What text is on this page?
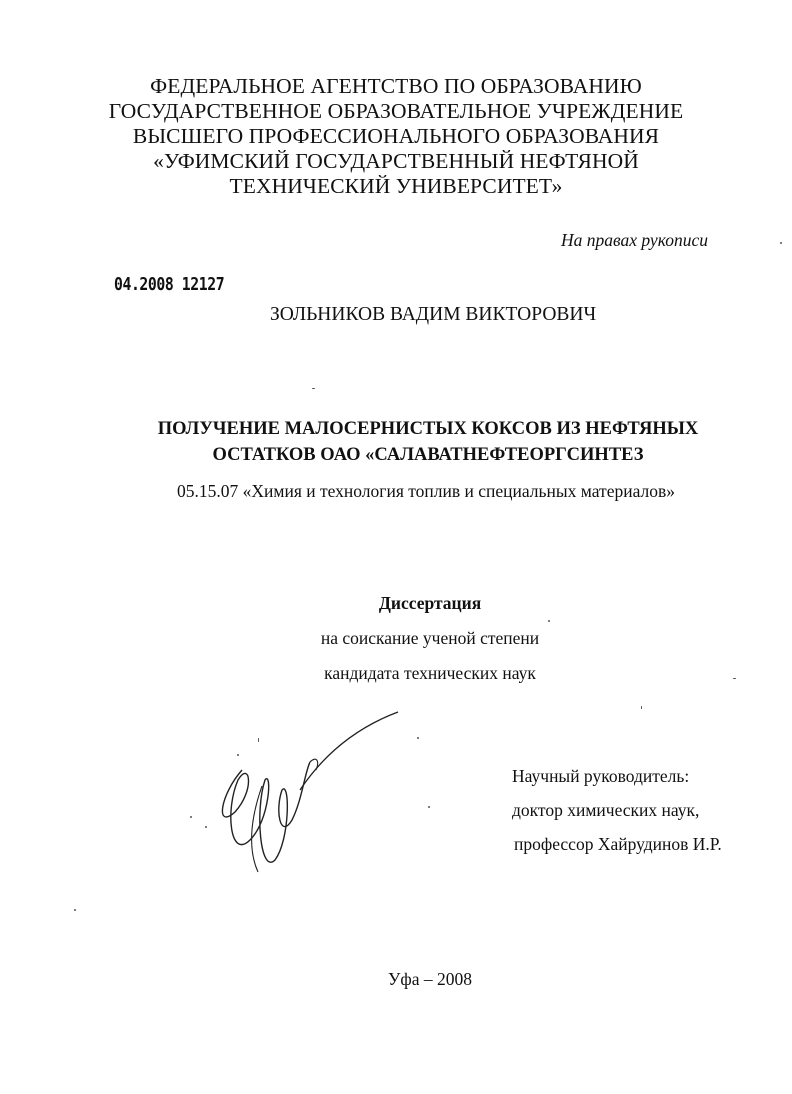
ФЕДЕРАЛЬНОЕ АГЕНТСТВО ПО ОБРАЗОВАНИЮ
ГОСУДАРСТВЕННОЕ ОБРАЗОВАТЕЛЬНОЕ УЧРЕЖДЕНИЕ
ВЫСШЕГО ПРОФЕССИОНАЛЬНОГО ОБРАЗОВАНИЯ
«УФИМСКИЙ ГОСУДАРСТВЕННЫЙ НЕФТЯНОЙ
ТЕХНИЧЕСКИЙ УНИВЕРСИТЕТ»
На правах рукописи
04.2008 12127
ЗОЛЬНИКОВ ВАДИМ ВИКТОРОВИЧ
ПОЛУЧЕНИЕ МАЛОСЕРНИСТЫХ КОКСОВ ИЗ НЕФТЯНЫХ
ОСТАТКОВ ОАО «САЛАВАТНЕФТЕОРГСИНТЕЗ
05.15.07 «Химия и технология топлив и специальных материалов»
Диссертация
на соискание ученой степени
кандидата технических наук
Научный руководитель:
доктор химических наук,
профессор Хайрудинов И.Р.
Уфа – 2008
